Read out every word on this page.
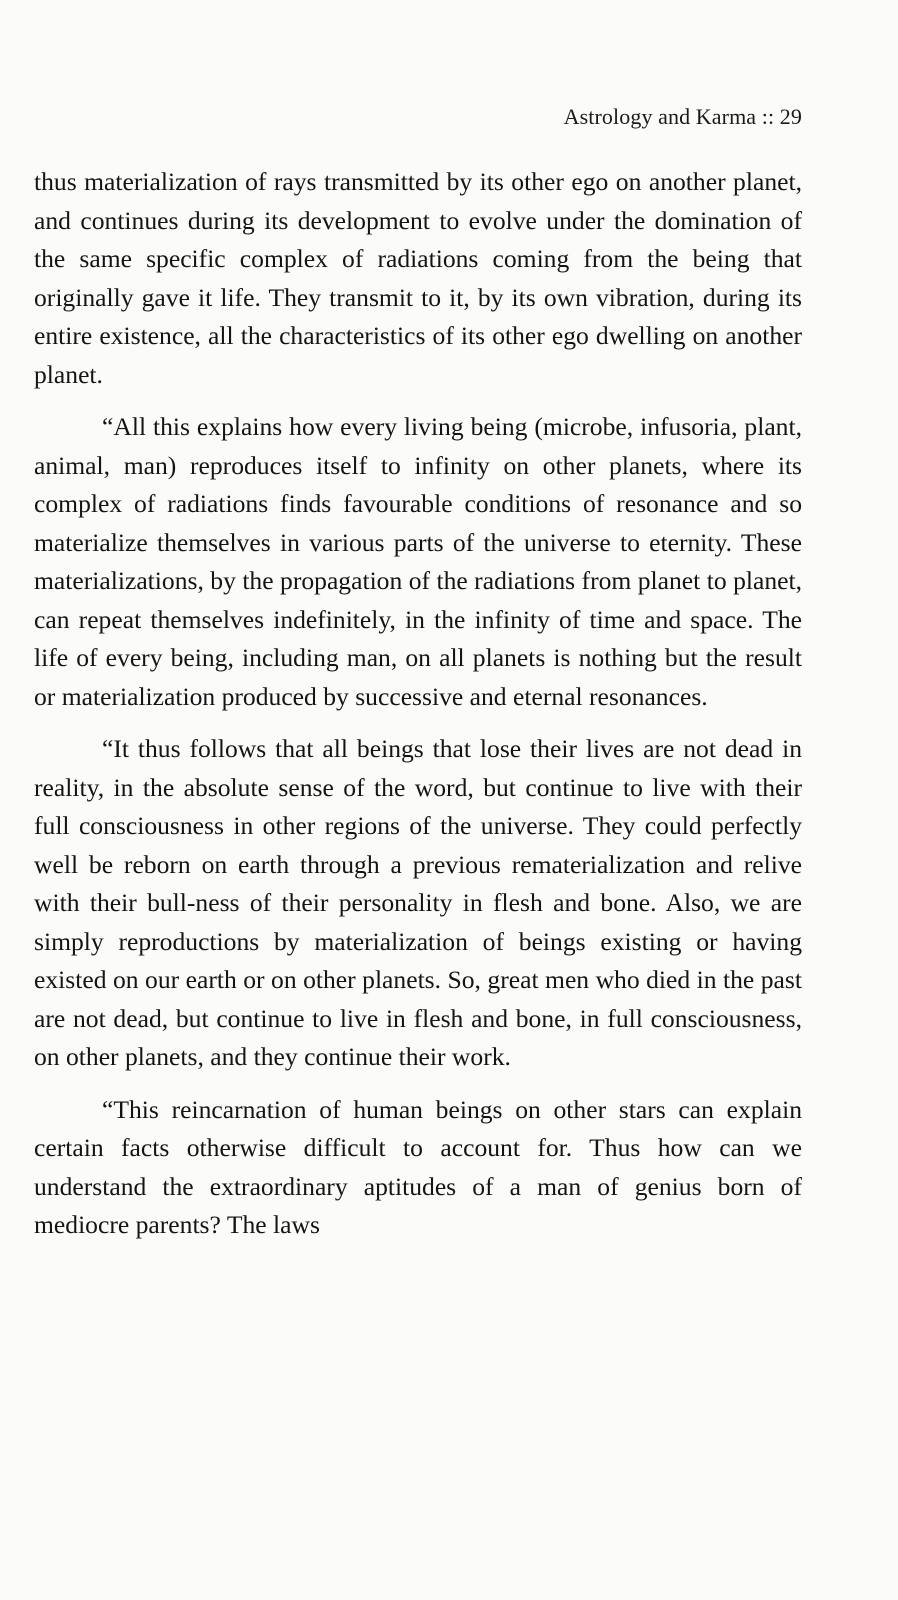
Astrology and Karma :: 29

thus materialization of rays transmitted by its other ego on another planet, and continues during its development to evolve under the domination of the same specific complex of radiations coming from the being that originally gave it life. They transmit to it, by its own vibration, during its entire existence, all the characteristics of its other ego dwelling on another planet.

“All this explains how every living being (microbe, infusoria, plant, animal, man) reproduces itself to infinity on other planets, where its complex of radiations finds favourable conditions of resonance and so materialize themselves in various parts of the universe to eternity. These materializations, by the propagation of the radiations from planet to planet, can repeat themselves indefinitely, in the infinity of time and space. The life of every being, including man, on all planets is nothing but the result or materialization produced by successive and eternal resonances.

“It thus follows that all beings that lose their lives are not dead in reality, in the absolute sense of the word, but continue to live with their full consciousness in other regions of the universe. They could perfectly well be reborn on earth through a previous rematerialization and relive with their bull-ness of their personality in flesh and bone. Also, we are simply reproductions by materialization of beings existing or having existed on our earth or on other planets. So, great men who died in the past are not dead, but continue to live in flesh and bone, in full consciousness, on other planets, and they continue their work.

“This reincarnation of human beings on other stars can explain certain facts otherwise difficult to account for. Thus how can we understand the extraordinary aptitudes of a man of genius born of mediocre parents? The laws
